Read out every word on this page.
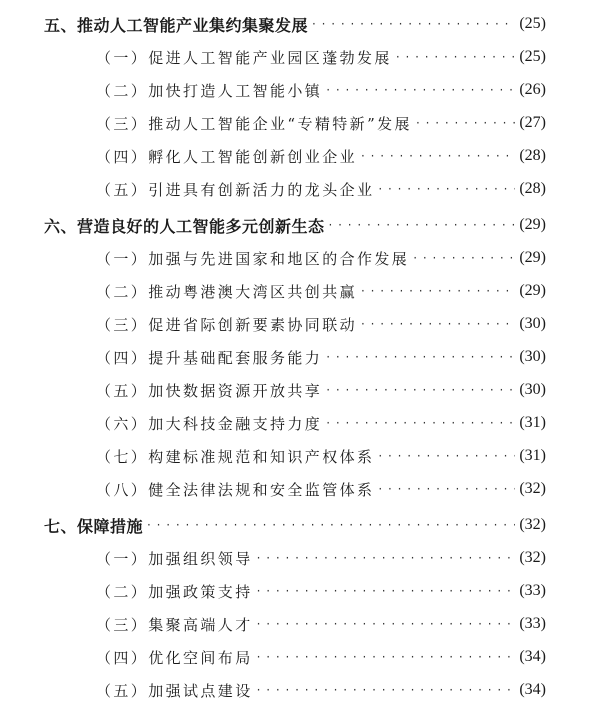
五、推动人工智能产业集约集聚发展 · · ·	(25)
（一）促进人工智能产业园区蓬勃发展 · · ·	(25)
（二）加快打造人工智能小镇 · · ·	(26)
（三）推动人工智能企业“专精特新”发展 · · ·	(27)
（四）孵化人工智能创新创业企业 · · ·	(28)
（五）引进具有创新活力的龙头企业 · · ·	(28)
六、营造良好的人工智能多元创新生态 · · ·	(29)
（一）加强与先进国家和地区的合作发展 · · ·	(29)
（二）推动粤港澳大湾区共创共赢 · · ·	(29)
（三）促进省际创新要素协同联动 · · ·	(30)
（四）提升基础配套服务能力 · · ·	(30)
（五）加快数据资源开放共享 · · ·	(30)
（六）加大科技金融支持力度 · · ·	(31)
（七）构建标准规范和知识产权体系 · · ·	(31)
（八）健全法律法规和安全监管体系 · · ·	(32)
七、保障措施 · · ·	(32)
（一）加强组织领导 · · ·	(32)
（二）加强政策支持 · · ·	(33)
（三）集聚高端人才 · · ·	(33)
（四）优化空间布局 · · ·	(34)
（五）加强试点建设 · · ·	(34)
